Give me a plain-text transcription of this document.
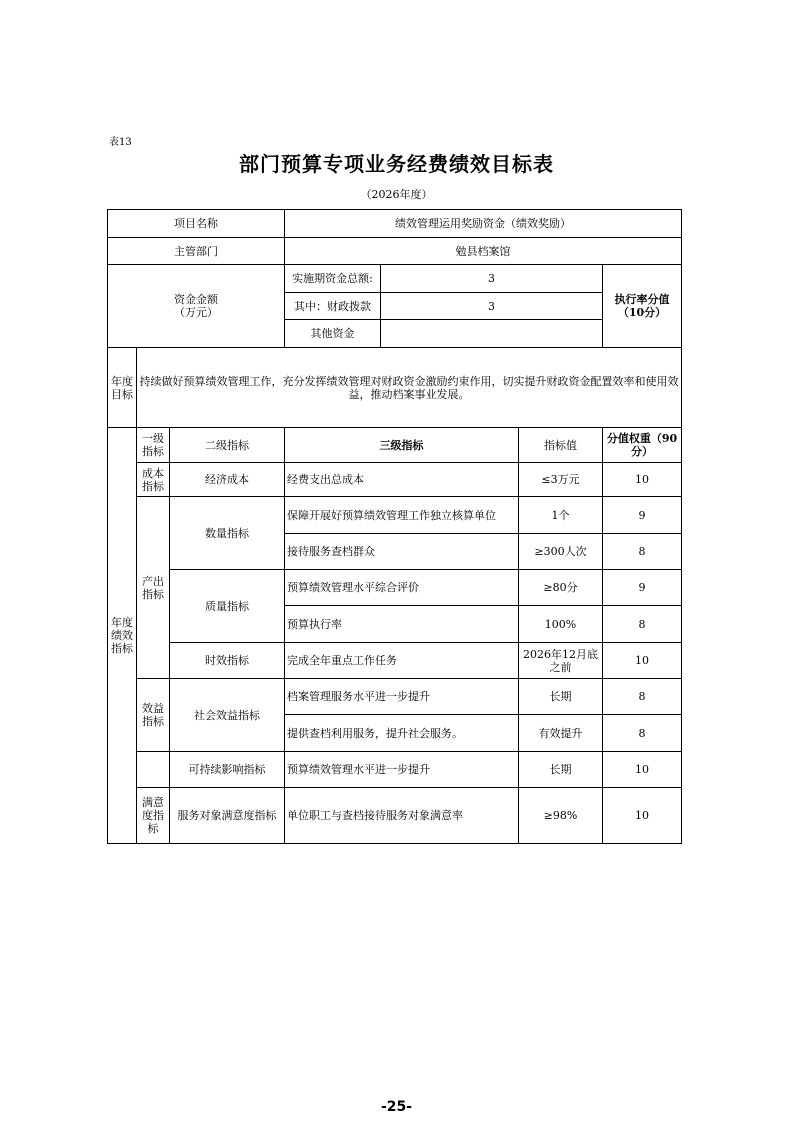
表13
部门预算专项业务经费绩效目标表
（2026年度）
项目名称			绩效管理运用奖励资金（绩效奖励）			
主管部门			勉县档案馆			

资金金额
（万元）			实施期资金总额:	3		执行率分值（10分）
			其中：财政拨款	3		
			其他资金			
年度目标	持续做好预算绩效管理工作，充分发挥绩效管理对财政资金激励约束作用，切实提升财政资金配置效率和使用效益，推动档案事业发展。					
年度绩效指标	一级指标	二级指标	三级指标		指标值	分值权重（90分）
	成本指标	经济成本	经费支出总成本		≤3万元	10
	产出指标	数量指标	保障开展好预算绩效管理工作独立核算单位		1个	9
			接待服务查档群众		≥300人次	8
		质量指标	预算绩效管理水平综合评价		≥80分	9
			预算执行率		100%	8
		时效指标	完成全年重点工作任务		2026年12月底之前	10
	效益指标	社会效益指标	档案管理服务水平进一步提升		长期	8
			提供查档利用服务，提升社会服务。		有效提升	8
		可持续影响指标	预算绩效管理水平进一步提升		长期	10
	满意度指标	服务对象满意度指标	单位职工与查档接待服务对象满意率		≥98%	10
-25-
